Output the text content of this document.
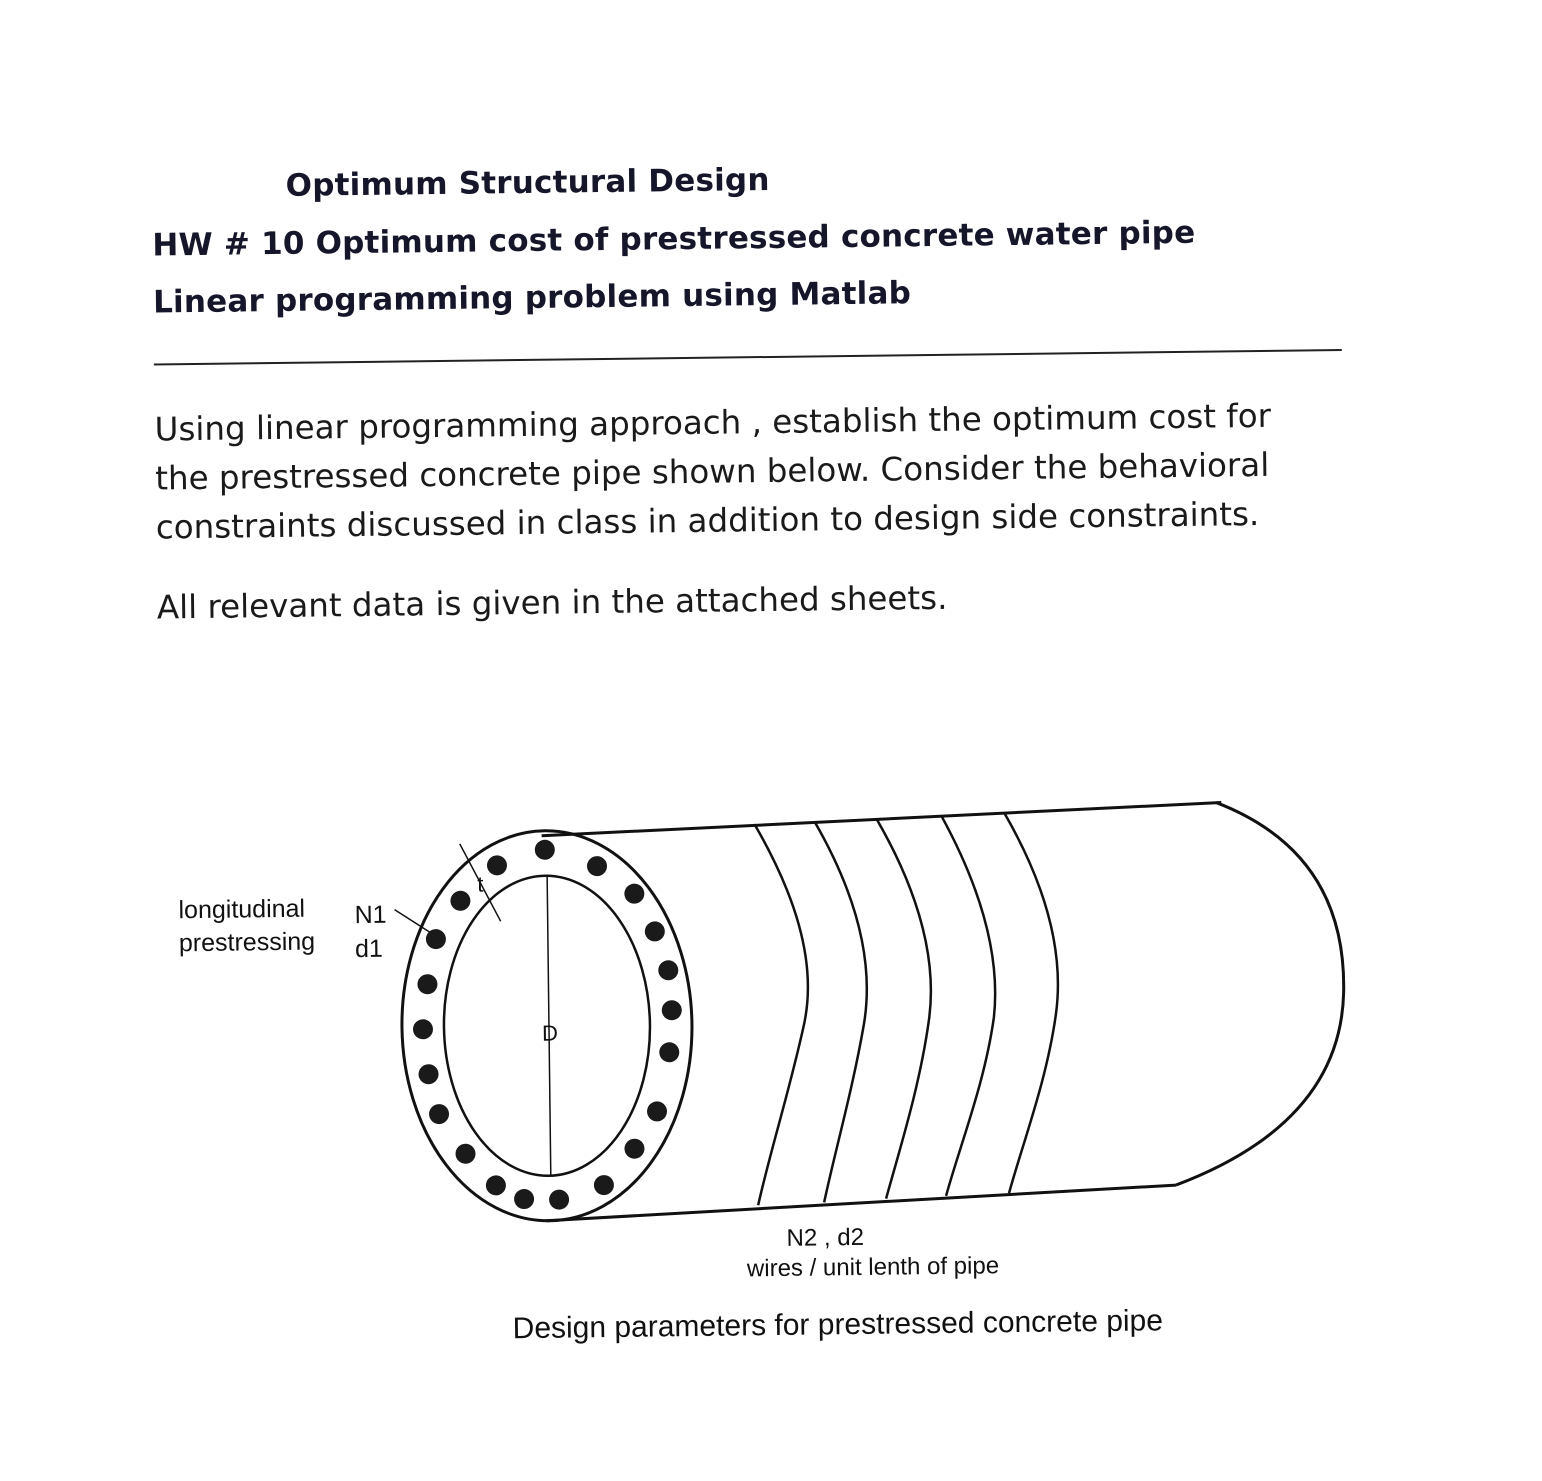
Optimum Structural Design
HW # 10 Optimum cost of prestressed concrete water pipe
Linear programming problem using Matlab
Using linear programming approach , establish the optimum cost for
the prestressed concrete pipe shown below. Consider the behavioral
constraints discussed in class in addition to design side constraints.
All relevant data is given in the attached sheets.
longitudinal
prestressing
N1
d1
t
D
N2 , d2
wires / unit lenth of pipe
Design parameters for prestressed concrete pipe
